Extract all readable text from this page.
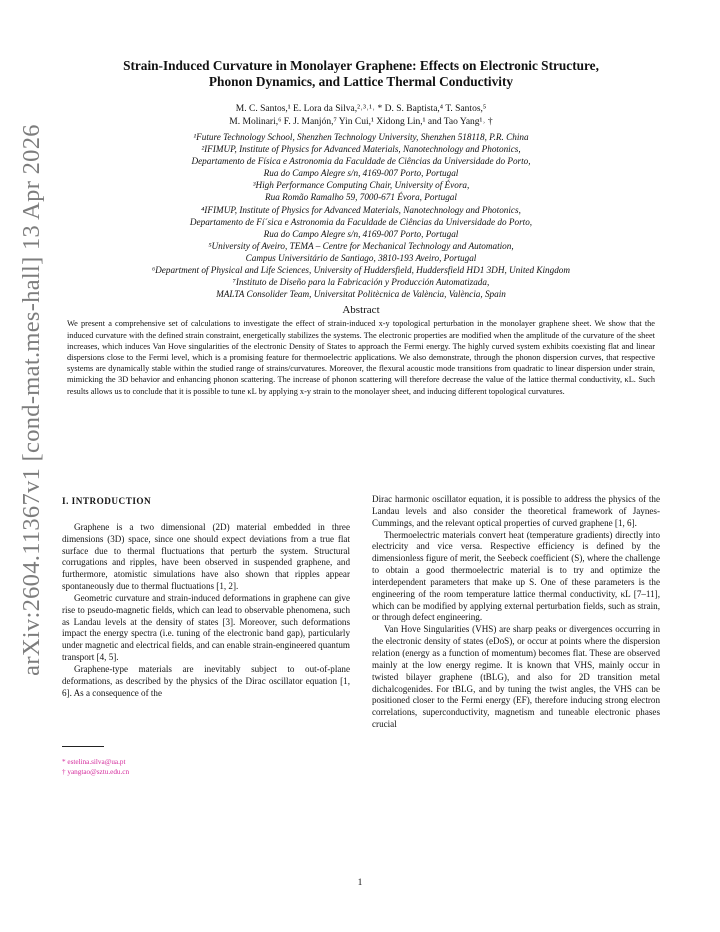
arXiv:2604.11367v1 [cond-mat.mes-hall] 13 Apr 2026
Strain-Induced Curvature in Monolayer Graphene: Effects on Electronic Structure,
Phonon Dynamics, and Lattice Thermal Conductivity
M. C. Santos,¹ E. Lora da Silva,²˒³˒¹˒ * D. S. Baptista,⁴ T. Santos,⁵
M. Molinari,⁶ F. J. Manjón,⁷ Yin Cui,¹ Xidong Lin,¹ and Tao Yang¹˒ †
¹Future Technology School, Shenzhen Technology University, Shenzhen 518118, P.R. China
²IFIMUP, Institute of Physics for Advanced Materials, Nanotechnology and Photonics,
Departamento de Física e Astronomia da Faculdade de Ciências da Universidade do Porto,
Rua do Campo Alegre s/n, 4169-007 Porto, Portugal
³High Performance Computing Chair, University of Évora,
Rua Romão Ramalho 59, 7000-671 Évora, Portugal
⁴IFIMUP, Institute of Physics for Advanced Materials, Nanotechnology and Photonics,
Departamento de Fí´sica e Astronomia da Faculdade de Ciências da Universidade do Porto,
Rua do Campo Alegre s/n, 4169-007 Porto, Portugal
⁵University of Aveiro, TEMA – Centre for Mechanical Technology and Automation,
Campus Universitário de Santiago, 3810-193 Aveiro, Portugal
⁶Department of Physical and Life Sciences, University of Huddersfield, Huddersfield HD1 3DH, United Kingdom
⁷Instituto de Diseño para la Fabricación y Producción Automatizada,
MALTA Consolider Team, Universitat Politècnica de València, València, Spain
Abstract
We present a comprehensive set of calculations to investigate the effect of strain-induced x-y topological perturbation in the monolayer graphene sheet. We show that the induced curvature with the defined strain constraint, energetically stabilizes the systems. The electronic properties are modified when the amplitude of the curvature of the sheet increases, which induces Van Hove singularities of the electronic Density of States to approach the Fermi energy. The highly curved system exhibits coexisting flat and linear dispersions close to the Fermi level, which is a promising feature for thermoelectric applications. We also demonstrate, through the phonon dispersion curves, that respective systems are dynamically stable within the studied range of strains/curvatures. Moreover, the flexural acoustic mode transitions from quadratic to linear dispersion under strain, mimicking the 3D behavior and enhancing phonon scattering. The increase of phonon scattering will therefore decrease the value of the lattice thermal conductivity, κL. Such results allows us to conclude that it is possible to tune κL by applying x-y strain to the monolayer sheet, and inducing different topological curvatures.
I. INTRODUCTION

Graphene is a two dimensional (2D) material embedded in three dimensions (3D) space, since one should expect deviations from a true flat surface due to thermal fluctuations that perturb the system. Structural corrugations and ripples, have been observed in suspended graphene, and furthermore, atomistic simulations have also shown that ripples appear spontaneously due to thermal fluctuations [1, 2].

Geometric curvature and strain-induced deformations in graphene can give rise to pseudo-magnetic fields, which can lead to observable phenomena, such as Landau levels at the density of states [3]. Moreover, such deformations impact the energy spectra (i.e. tuning of the electronic band gap), particularly under magnetic and electrical fields, and can enable strain-engineered quantum transport [4, 5].

Graphene-type materials are inevitably subject to out-of-plane deformations, as described by the physics of the Dirac oscillator equation [1, 6]. As a consequence of the

* estelina.silva@ua.pt
† yangtao@sztu.edu.cn

Dirac harmonic oscillator equation, it is possible to address the physics of the Landau levels and also consider the theoretical framework of Jaynes-Cummings, and the relevant optical properties of curved graphene [1, 6].

Thermoelectric materials convert heat (temperature gradients) directly into electricity and vice versa. Respective efficiency is defined by the dimensionless figure of merit, the Seebeck coefficient (S), where the challenge to obtain a good thermoelectric material is to try and optimize the interdependent parameters that make up S. One of these parameters is the engineering of the room temperature lattice thermal conductivity, κL [7–11], which can be modified by applying external perturbation fields, such as strain, or through defect engineering.

Van Hove Singularities (VHS) are sharp peaks or divergences occurring in the electronic density of states (eDoS), or occur at points where the dispersion relation (energy as a function of momentum) becomes flat. These are observed mainly at the low energy regime. It is known that VHS, mainly occur in twisted bilayer graphene (tBLG), and also for 2D transition metal dichalcogenides. For tBLG, and by tuning the twist angles, the VHS can be positioned closer to the Fermi energy (EF), therefore inducing strong electron correlations, superconductivity, magnetism and tuneable electronic phases crucial

1
